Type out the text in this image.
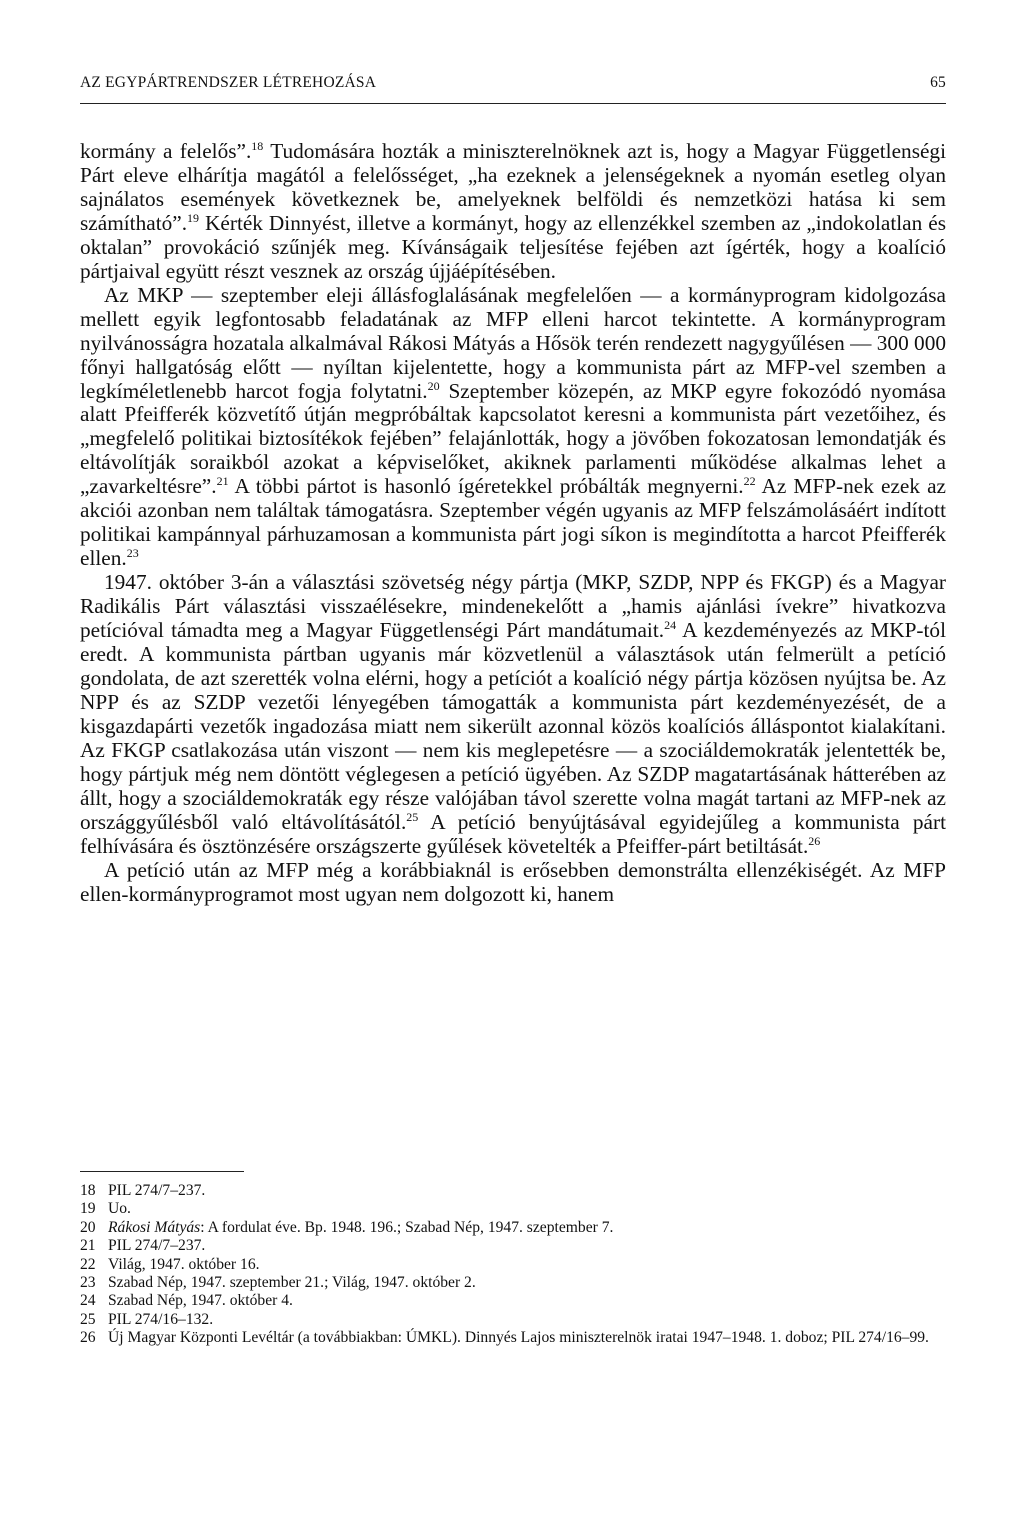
AZ EGYPÁRTRENDSZER LÉTREHOZÁSA	65

kormány a felelős”.$^{18}$ Tudomására hozták a miniszterelnöknek azt is, hogy a Magyar Függetlenségi Párt eleve elhárítja magától a felelősséget, „ha ezeknek a jelenségeknek a nyomán esetleg olyan sajnálatos események következnek be, amelyeknek belföldi és nemzetközi hatása ki sem számítható”.$^{19}$ Kérték Dinnyést, illetve a kormányt, hogy az ellenzékkel szemben az „indokolatlan és oktalan” provokáció szűnjék meg. Kívánságaik teljesítése fejében azt ígérték, hogy a koalíció pártjaival együtt részt vesznek az ország újjáépítésében.

Az MKP — szeptember eleji állásfoglalásának megfelelően — a kormányprogram kidolgozása mellett egyik legfontosabb feladatának az MFP elleni harcot tekintette. A kormányprogram nyilvánosságra hozatala alkalmával Rákosi Mátyás a Hősök terén rendezett nagygyűlésen — 300 000 főnyi hallgatóság előtt — nyíltan kijelentette, hogy a kommunista párt az MFP-vel szemben a legkíméletlenebb harcot fogja folytatni.$^{20}$ Szeptember közepén, az MKP egyre fokozódó nyomása alatt Pfeifferék közvetítő útján megpróbáltak kapcsolatot keresni a kommunista párt vezetőihez, és „megfelelő politikai biztosítékok fejében” felajánlották, hogy a jövőben fokozatosan lemondatják és eltávolítják soraikból azokat a képviselőket, akiknek parlamenti működése alkalmas lehet a „zavarkeltésre”.$^{21}$ A többi pártot is hasonló ígéretekkel próbálták megnyerni.$^{22}$ Az MFP-nek ezek az akciói azonban nem találtak támogatásra. Szeptember végén ugyanis az MFP felszámolásáért indított politikai kampánnyal párhuzamosan a kommunista párt jogi síkon is megindította a harcot Pfeifferék ellen.$^{23}$

1947. október 3-án a választási szövetség négy pártja (MKP, SZDP, NPP és FKGP) és a Magyar Radikális Párt választási visszaélésekre, mindenekelőtt a „hamis ajánlási ívekre” hivatkozva petícióval támadta meg a Magyar Függetlenségi Párt mandátumait.$^{24}$ A kezdeményezés az MKP-tól eredt. A kommunista pártban ugyanis már közvetlenül a választások után felmerült a petíció gondolata, de azt szerették volna elérni, hogy a petíciót a koalíció négy pártja közösen nyújtsa be. Az NPP és az SZDP vezetői lényegében támogatták a kommunista párt kezdeményezését, de a kisgazdapárti vezetők ingadozása miatt nem sikerült azonnal közös koalíciós álláspontot kialakítani. Az FKGP csatlakozása után viszont — nem kis meglepetésre — a szociáldemokraták jelentették be, hogy pártjuk még nem döntött véglegesen a petíció ügyében. Az SZDP magatartásának hátterében az állt, hogy a szociáldemokraták egy része valójában távol szerette volna magát tartani az MFP-nek az országgyűlésből való eltávolításától.$^{25}$ A petíció benyújtásával egyidejűleg a kommunista párt felhívására és ösztönzésére országszerte gyűlések követelték a Pfeiffer-párt betiltását.$^{26}$

A petíció után az MFP még a korábbiaknál is erősebben demonstrálta ellenzékiségét. Az MFP ellen-kormányprogramot most ugyan nem dolgozott ki, hanem

18 PIL 274/7–237.
19 Uo.
20 Rákosi Mátyás: A fordulat éve. Bp. 1948. 196.; Szabad Nép, 1947. szeptember 7.
21 PIL 274/7–237.
22 Világ, 1947. október 16.
23 Szabad Nép, 1947. szeptember 21.; Világ, 1947. október 2.
24 Szabad Nép, 1947. október 4.
25 PIL 274/16–132.
26 Új Magyar Központi Levéltár (a továbbiakban: ÚMKL). Dinnyés Lajos miniszterelnök iratai 1947–1948. 1. doboz; PIL 274/16–99.
